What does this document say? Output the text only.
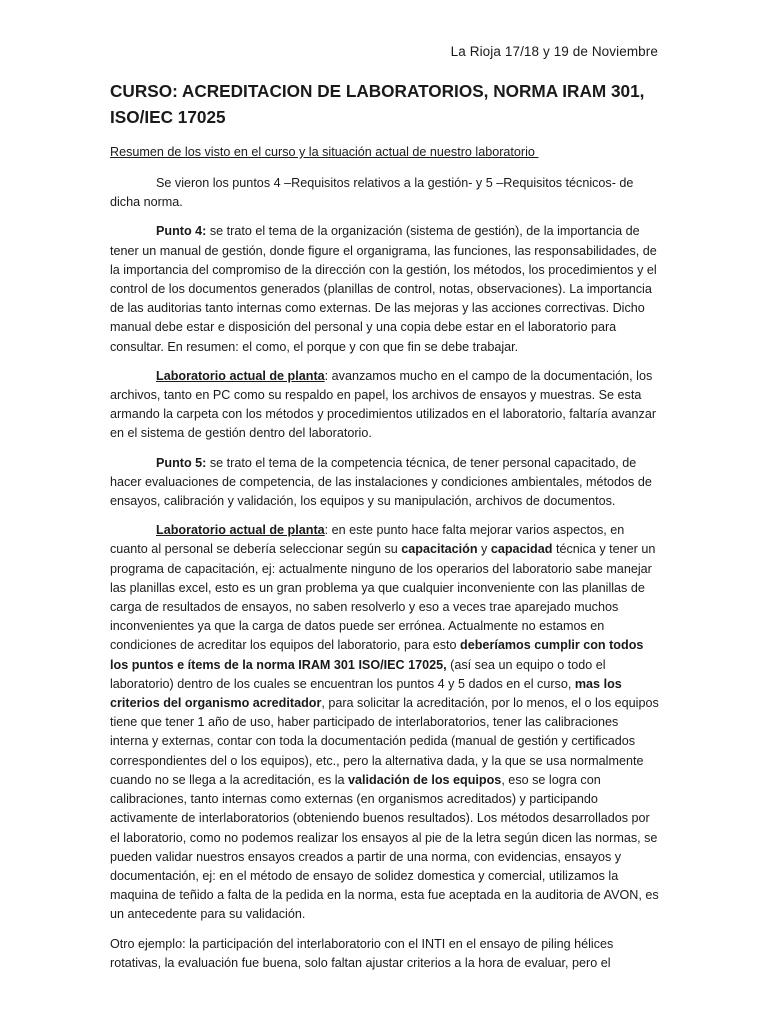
La Rioja 17/18 y 19 de Noviembre
CURSO: ACREDITACION DE LABORATORIOS, NORMA IRAM 301, ISO/IEC 17025
Resumen de los visto en el curso y la situación actual de nuestro laboratorio

Se vieron los puntos 4 –Requisitos relativos a la gestión- y 5 –Requisitos técnicos- de dicha norma.

Punto 4: se trato el tema de la organización (sistema de gestión), de la importancia de tener un manual de gestión, donde figure el organigrama, las funciones, las responsabilidades, de la importancia del compromiso de la dirección con la gestión, los métodos, los procedimientos y el control de los documentos generados (planillas de control, notas, observaciones). La importancia de las auditorias tanto internas como externas. De las mejoras y las acciones correctivas. Dicho manual debe estar e disposición del personal y una copia debe estar en el laboratorio para consultar. En resumen: el como, el porque y con que fin se debe trabajar.

Laboratorio actual de planta: avanzamos mucho en el campo de la documentación, los archivos, tanto en PC como su respaldo en papel, los archivos de ensayos y muestras. Se esta armando la carpeta con los métodos y procedimientos utilizados en el laboratorio, faltaría avanzar en el sistema de gestión dentro del laboratorio.

Punto 5: se trato el tema de la competencia técnica, de tener personal capacitado, de hacer evaluaciones de competencia, de las instalaciones y condiciones ambientales, métodos de ensayos, calibración y validación, los equipos y su manipulación, archivos de documentos.

Laboratorio actual de planta: en este punto hace falta mejorar varios aspectos, en cuanto al personal se debería seleccionar según su capacitación y capacidad técnica y tener un programa de capacitación, ej: actualmente ninguno de los operarios del laboratorio sabe manejar las planillas excel, esto es un gran problema ya que cualquier inconveniente con las planillas de carga de resultados de ensayos, no saben resolverlo y eso a veces trae aparejado muchos inconvenientes ya que la carga de datos puede ser errónea. Actualmente no estamos en condiciones de acreditar los equipos del laboratorio, para esto deberíamos cumplir con todos los puntos e ítems de la norma IRAM 301 ISO/IEC 17025, (así sea un equipo o todo el laboratorio) dentro de los cuales se encuentran los puntos 4 y 5 dados en el curso, mas los criterios del organismo acreditador, para solicitar la acreditación, por lo menos, el o los equipos tiene que tener 1 año de uso, haber participado de interlaboratorios, tener las calibraciones interna y externas, contar con toda la documentación pedida (manual de gestión y certificados correspondientes del o los equipos), etc., pero la alternativa dada, y la que se usa normalmente cuando no se llega a la acreditación, es la validación de los equipos, eso se logra con calibraciones, tanto internas como externas (en organismos acreditados) y participando activamente de interlaboratorios (obteniendo buenos resultados). Los métodos desarrollados por el laboratorio, como no podemos realizar los ensayos al pie de la letra según dicen las normas, se pueden validar nuestros ensayos creados a partir de una norma, con evidencias, ensayos y documentación, ej: en el método de ensayo de solidez domestica y comercial, utilizamos la maquina de teñido a falta de la pedida en la norma, esta fue aceptada en la auditoria de AVON, es un antecedente para su validación.

Otro ejemplo: la participación del interlaboratorio con el INTI en el ensayo de piling hélices rotativas, la evaluación fue buena, solo faltan ajustar criterios a la hora de evaluar, pero el
